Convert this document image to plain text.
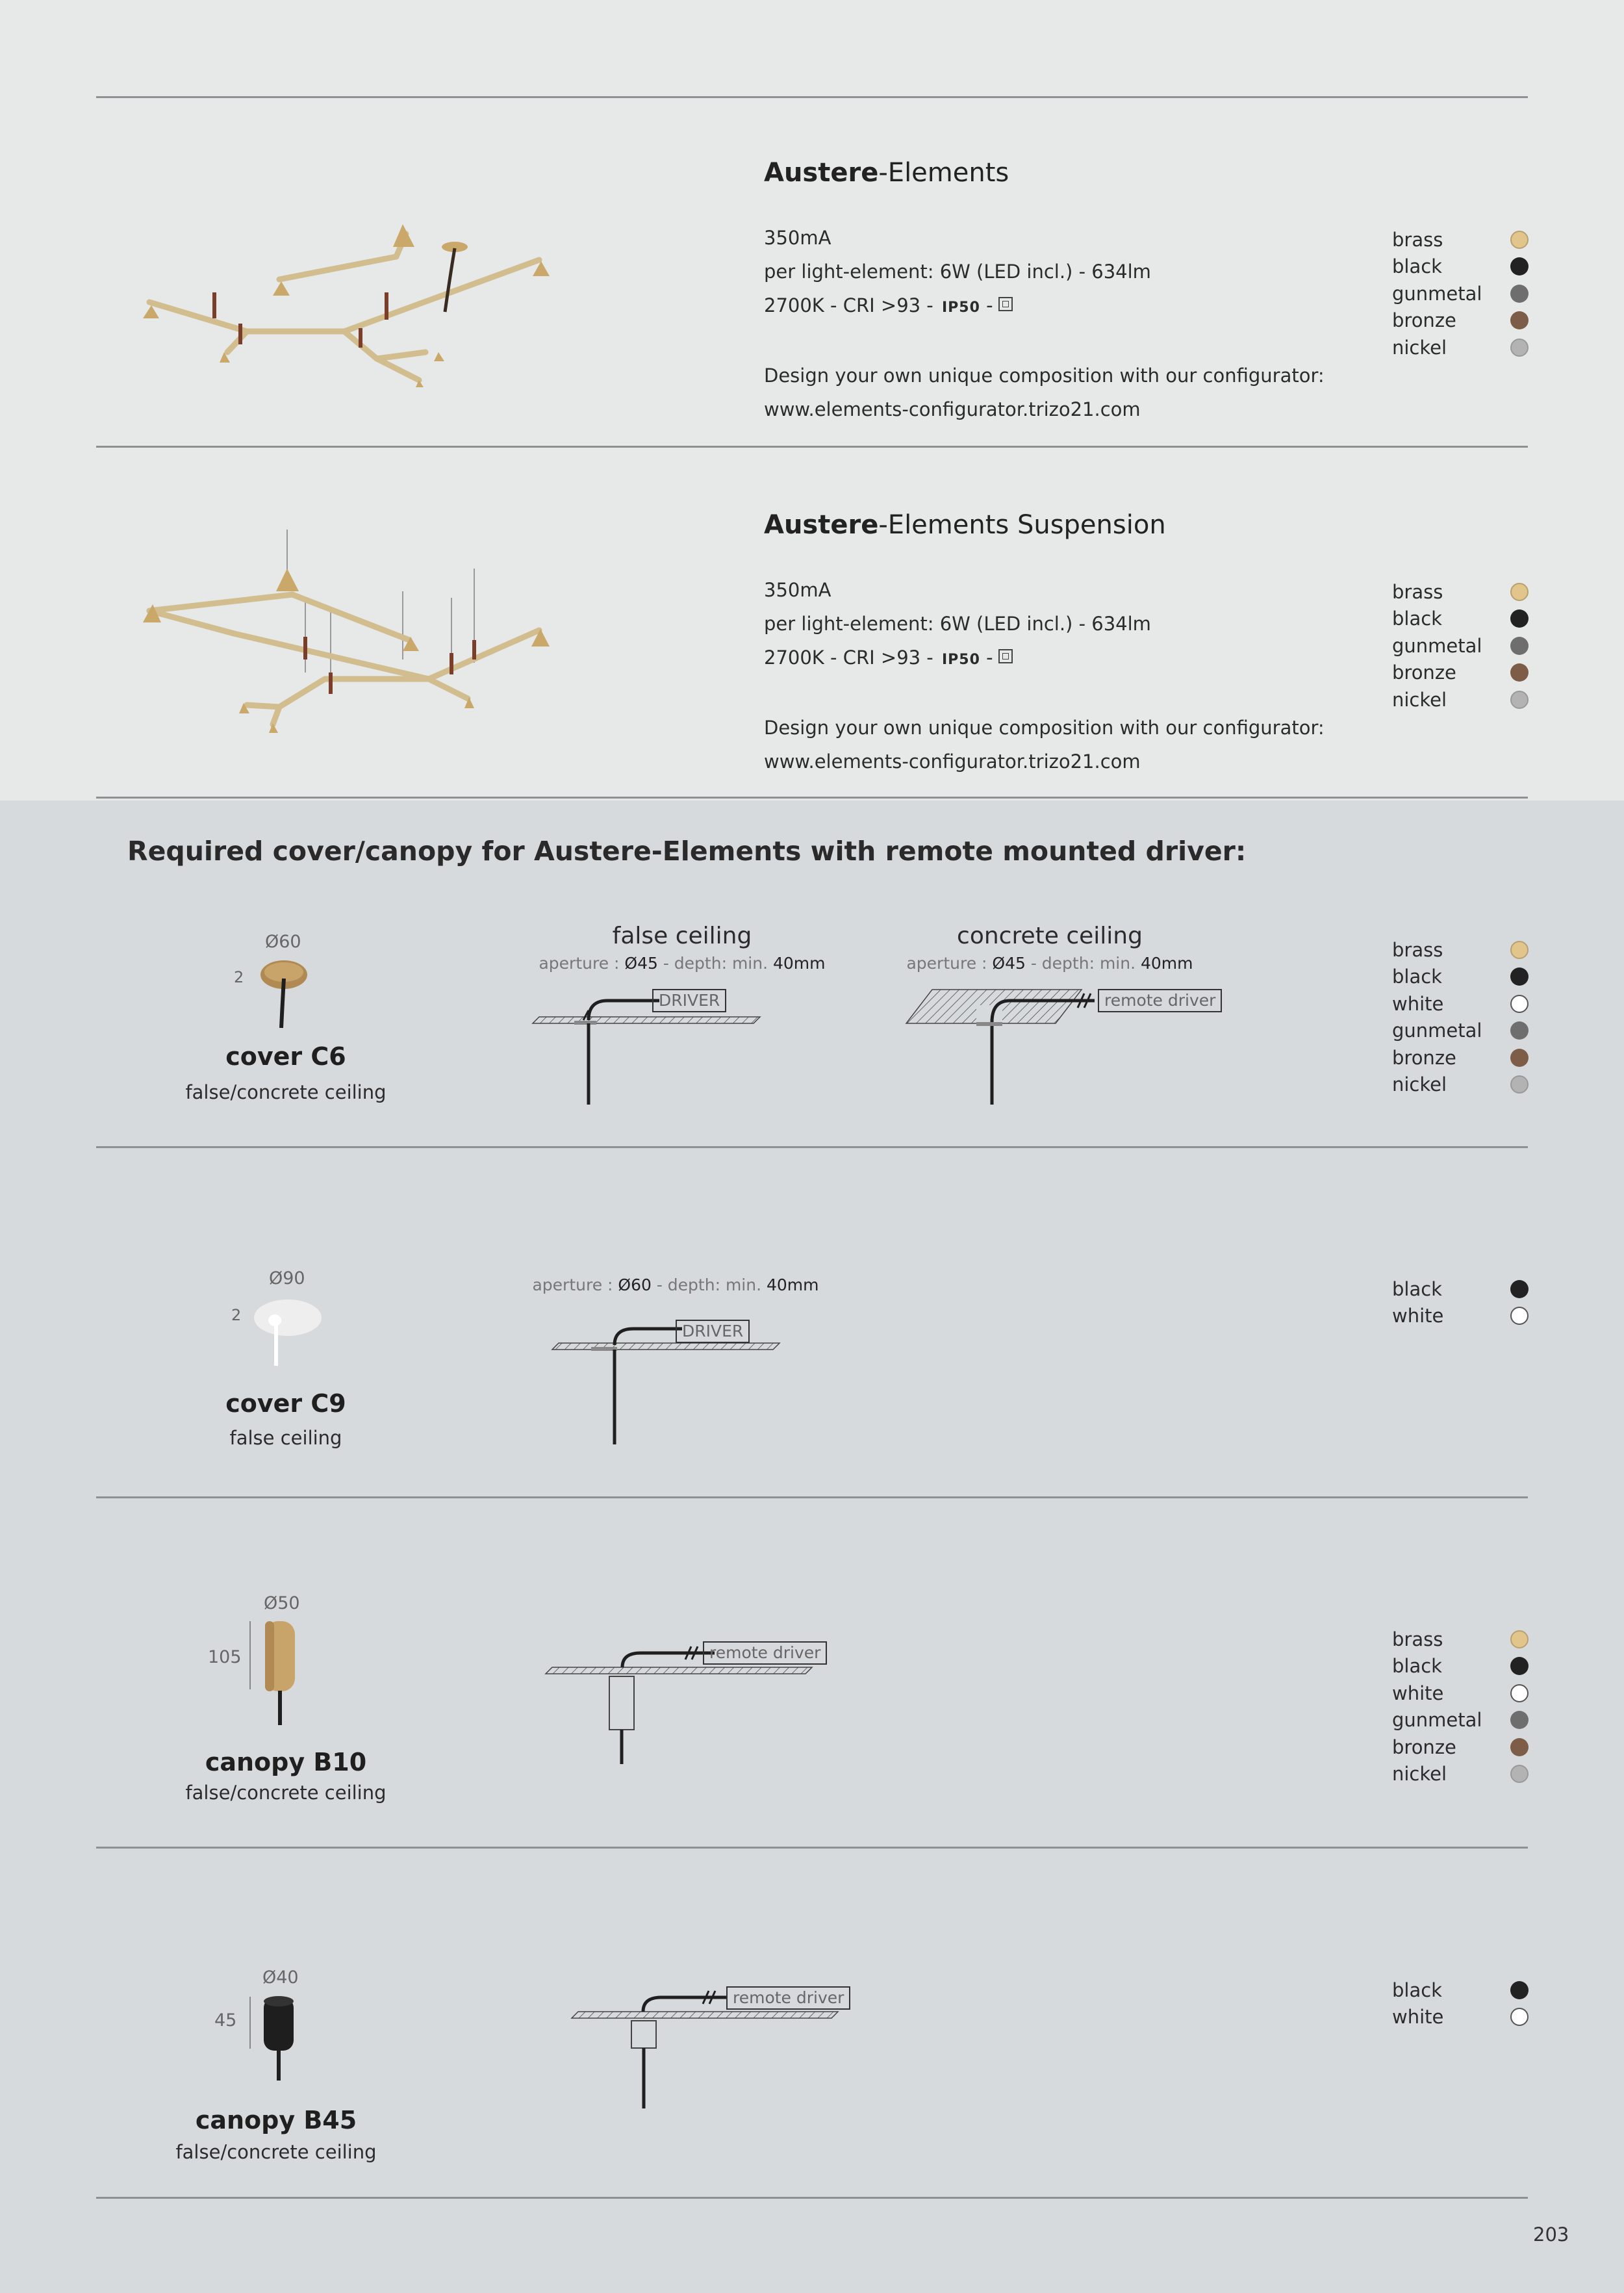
Austere-Elements
350mA
per light-element: 6W (LED incl.) - 634lm
2700K - CRI >93 - IP50 -
Design your own unique composition with our configurator:
www.elements-configurator.trizo21.com
brass
black
gunmetal
bronze
nickel
Austere-Elements Suspension
350mA
per light-element: 6W (LED incl.) - 634lm
2700K - CRI >93 - IP50 -
Design your own unique composition with our configurator:
www.elements-configurator.trizo21.com
brass
black
gunmetal
bronze
nickel
Required cover/canopy for Austere-Elements with remote mounted driver:
Ø60
2
cover C6
false/concrete ceiling
false ceiling
aperture : Ø45 - depth: min. 40mm
DRIVER
concrete ceiling
aperture : Ø45 - depth: min. 40mm
remote driver
brass
black
white
gunmetal
bronze
nickel
Ø90
2
cover C9
false ceiling
aperture : Ø60 - depth: min. 40mm
DRIVER
black
white
Ø50
105
canopy B10
false/concrete ceiling
remote driver
brass
black
white
gunmetal
bronze
nickel
Ø40
45
canopy B45
false/concrete ceiling
remote driver	black
white
203
